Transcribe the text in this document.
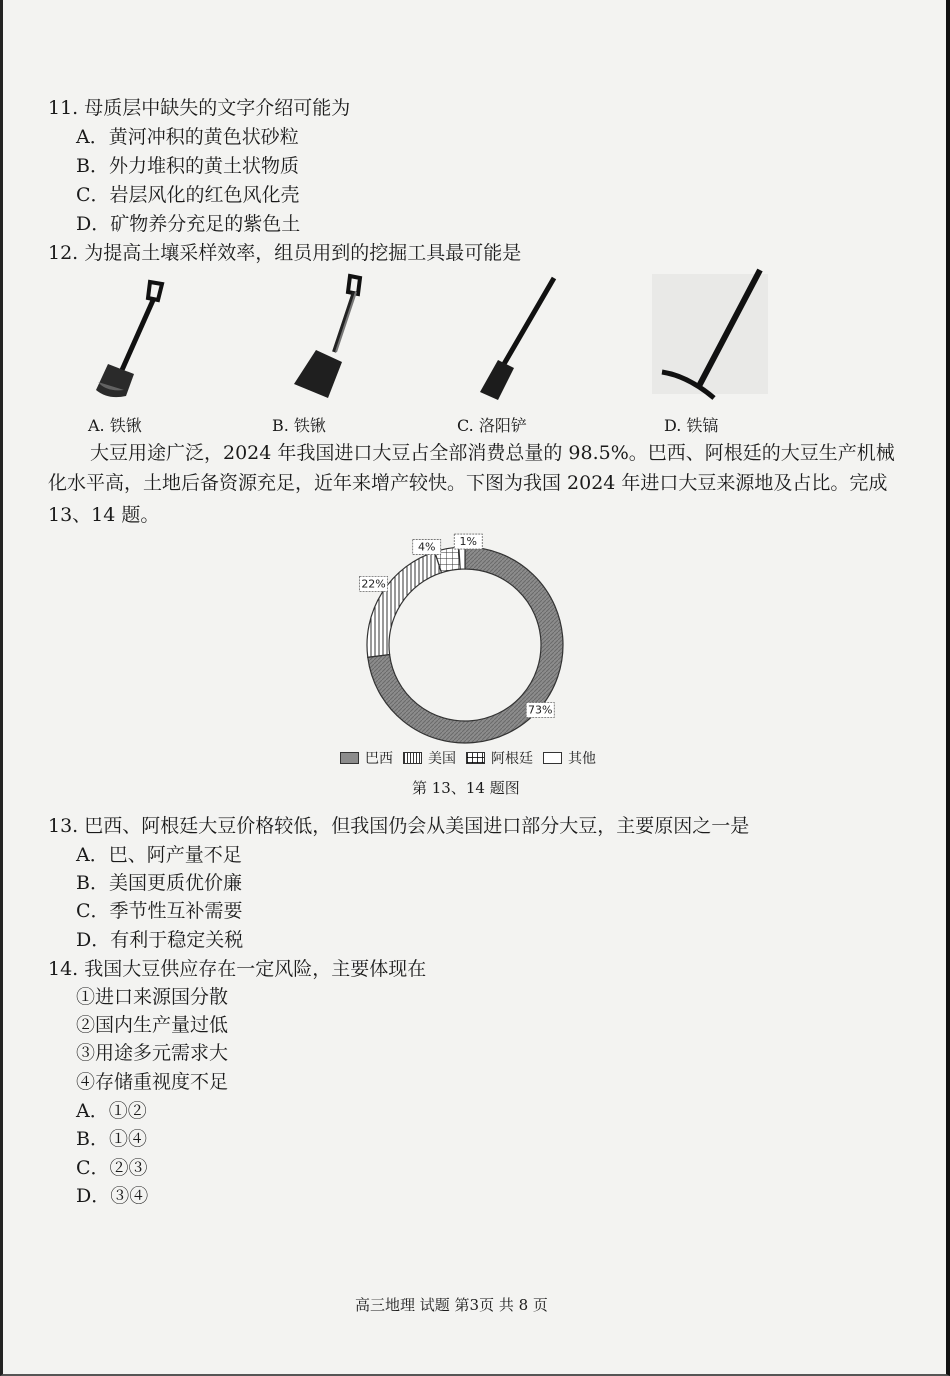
11. 母质层中缺失的文字介绍可能为
A．黄河冲积的黄色状砂粒
B．外力堆积的黄土状物质
C．岩层风化的红色风化壳
D．矿物养分充足的紫色土
12. 为提高土壤采样效率，组员用到的挖掘工具最可能是
A. 铁锹	B. 铁锹	C. 洛阳铲	D. 铁镐
大豆用途广泛，2024 年我国进口大豆占全部消费总量的 98.5%。巴西、阿根廷的大豆生产机械
化水平高，土地后备资源充足，近年来增产较快。下图为我国 2024 年进口大豆来源地及占比。完成
13、14 题。
73%
22%
4% 1%
巴西	美国	阿根廷	其他
第 13、14 题图
13. 巴西、阿根廷大豆价格较低，但我国仍会从美国进口部分大豆，主要原因之一是
A．巴、阿产量不足
B．美国更质优价廉
C．季节性互补需要
D．有利于稳定关税
14. 我国大豆供应存在一定风险，主要体现在
①进口来源国分散
②国内生产量过低
③用途多元需求大
④存储重视度不足
A．①②
B．①④
C．②③
D．③④
高三地理 试题 第3页 共 8 页
